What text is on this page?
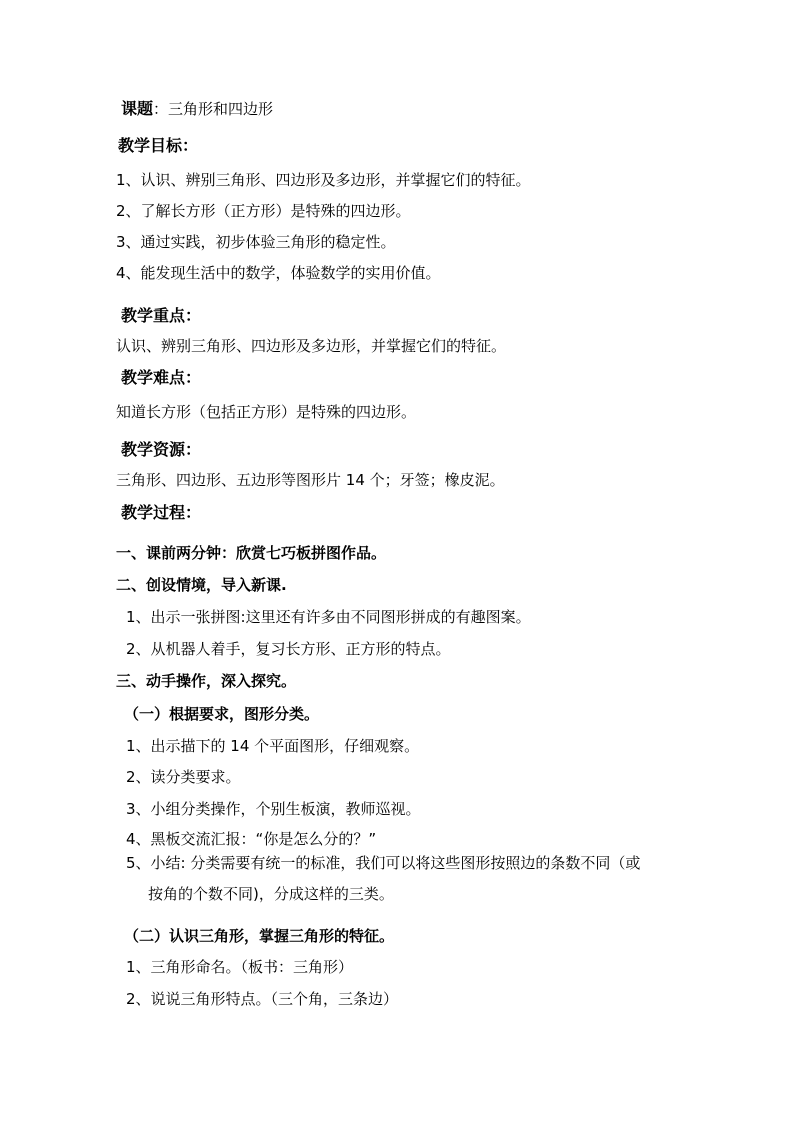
课题：三角形和四边形
教学目标：
1、认识、辨别三角形、四边形及多边形，并掌握它们的特征。
2、了解长方形（正方形）是特殊的四边形。
3、通过实践，初步体验三角形的稳定性。
4、能发现生活中的数学，体验数学的实用价值。
教学重点：
认识、辨别三角形、四边形及多边形，并掌握它们的特征。
教学难点：
知道长方形（包括正方形）是特殊的四边形。
教学资源：
三角形、四边形、五边形等图形片 14 个；牙签；橡皮泥。
教学过程：
一、课前两分钟：欣赏七巧板拼图作品。
二、创设情境，导入新课.
1、出示一张拼图:这里还有许多由不同图形拼成的有趣图案。
2、从机器人着手，复习长方形、正方形的特点。
三、动手操作，深入探究。
（一）根据要求，图形分类。
1、出示描下的 14 个平面图形，仔细观察。
2、读分类要求。
3、小组分类操作，个别生板演，教师巡视。
4、黑板交流汇报：“你是怎么分的？”
5、小结: 分类需要有统一的标准，我们可以将这些图形按照边的条数不同（或
按角的个数不同)，分成这样的三类。
（二）认识三角形，掌握三角形的特征。
1、三角形命名。（板书：三角形）
2、说说三角形特点。（三个角，三条边）
